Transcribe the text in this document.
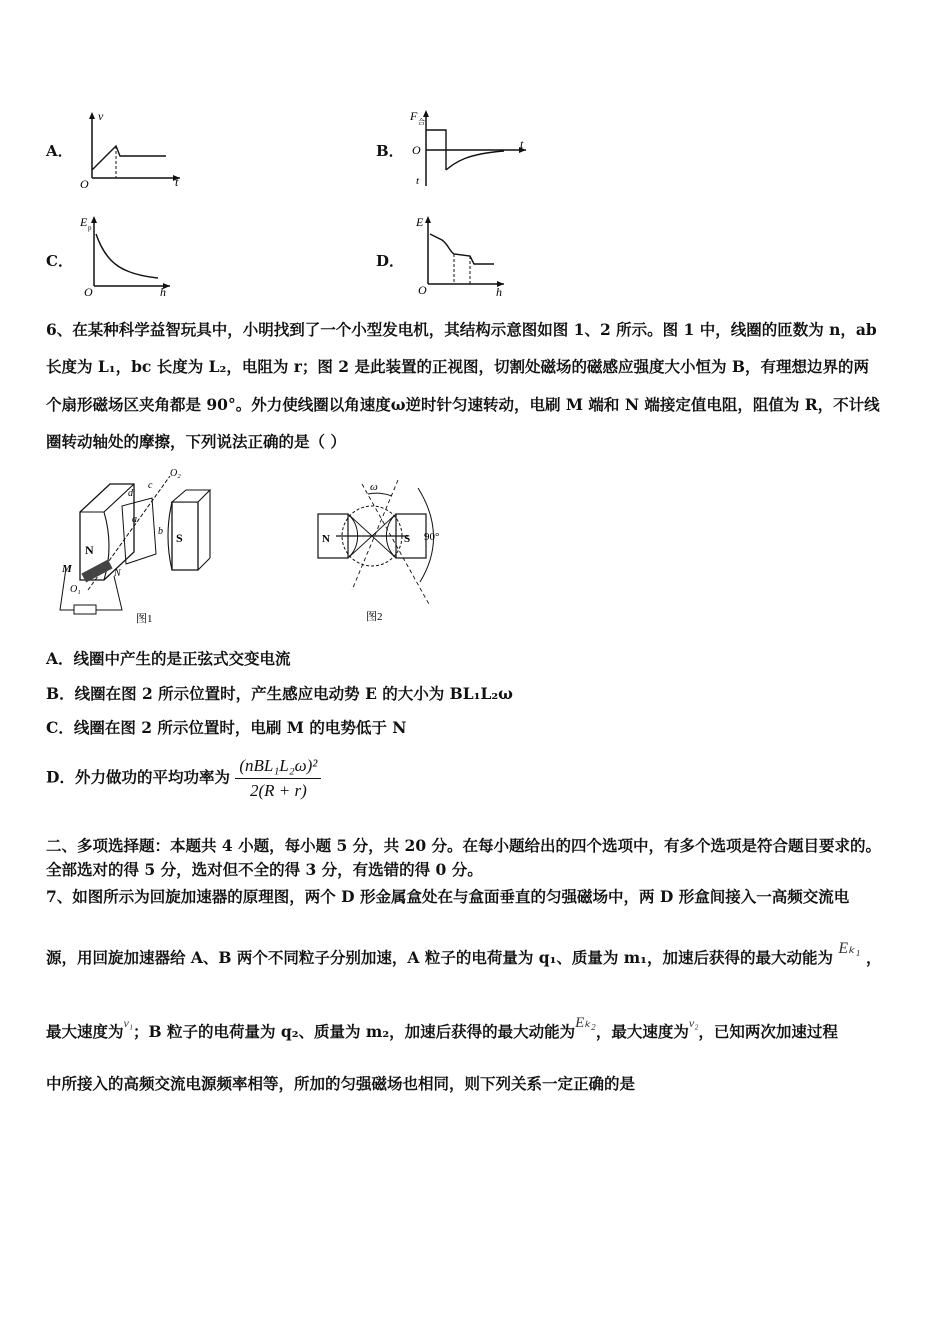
A．
v
O	t
B．
F 合
O	t
t
C．
E p
O	h
D．
E
O	h
6、在某种科学益智玩具中，小明找到了一个小型发电机，其结构示意图如图 1、2 所示。图 1 中，线圈的匝数为 n，ab
长度为 L₁，bc 长度为 L₂，电阻为 r；图 2 是此装置的正视图，切割处磁场的磁感应强度大小恒为 B，有理想边界的两
个扇形磁场区夹角都是 90°。外力使线圈以角速度ω逆时针匀速转动，电刷 M 端和 N 端接定值电阻，阻值为 R，不计线
圈转动轴处的摩擦，下列说法正确的是（ ）
N
S
O₂
a
b
c
d
M	N
O₁
图1
ω
90°
N	S
图2
A．线圈中产生的是正弦式交变电流
B．线圈在图 2 所示位置时，产生感应电动势 E 的大小为 BL₁L₂ω
C．线圈在图 2 所示位置时，电刷 M 的电势低于 N
D．外力做功的平均功率为 $\frac{\text{(nBL₁L₂ω)²}}{2(R + r)}$
二、多项选择题：本题共 4 小题，每小题 5 分，共 20 分。在每小题给出的四个选项中，有多个选项是符合题目要求的。
全部选对的得 5 分，选对但不全的得 3 分，有选错的得 0 分。
7、如图所示为回旋加速器的原理图，两个 D 形金属盒处在与盒面垂直的匀强磁场中，两 D 形盒间接入一高频交流电
源，用回旋加速器给 A、B 两个不同粒子分别加速，A 粒子的电荷量为 q₁、质量为 m₁，加速后获得的最大动能为 Eₖ₁ ，
最大速度为$^{v_1}$；B 粒子的电荷量为 q₂、质量为 m₂，加速后获得的最大动能为Eₖ₂，最大速度为$^{v_2}$，已知两次加速过程
中所接入的高频交流电源频率相等，所加的匀强磁场也相同，则下列关系一定正确的是
